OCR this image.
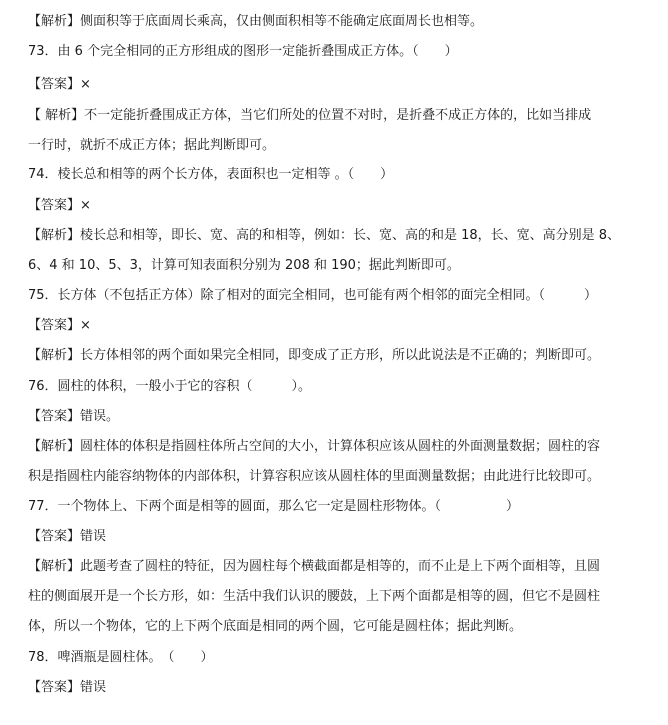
【解析】侧面积等于底面周长乘高，仅由侧面积相等不能确定底面周长也相等。
73．由 6 个完全相同的正方形组成的图形一定能折叠围成正方体。（　　）
【答案】×
【 解析】不一定能折叠围成正方体，当它们所处的位置不对时，是折叠不成正方体的，比如当排成
一行时，就折不成正方体；据此判断即可。
74．棱长总和相等的两个长方体，表面积也一定相等 。（　　）
【答案】×
【解析】棱长总和相等，即长、宽、高的和相等，例如：长、宽、高的和是 18，长、宽、高分别是 8、
6、4 和 10、5、3，计算可知表面积分别为 208 和 190；据此判断即可。
75．长方体（不包括正方体）除了相对的面完全相同，也可能有两个相邻的面完全相同。（　　　）
【答案】×
【解析】长方体相邻的两个面如果完全相同，即变成了正方形，所以此说法是不正确的；判断即可。
76．圆柱的体积，一般小于它的容积（　　　）。
【答案】错误。
【解析】圆柱体的体积是指圆柱体所占空间的大小，计算体积应该从圆柱的外面测量数据；圆柱的容
积是指圆柱内能容纳物体的内部体积，计算容积应该从圆柱体的里面测量数据；由此进行比较即可。
77．一个物体上、下两个面是相等的圆面，那么它一定是圆柱形物体。（　　　　　）
【答案】错误
【解析】此题考查了圆柱的特征，因为圆柱每个横截面都是相等的，而不止是上下两个面相等，且圆
柱的侧面展开是一个长方形，如：生活中我们认识的腰鼓，上下两个面都是相等的圆，但它不是圆柱
体，所以一个物体，它的上下两个底面是相同的两个圆，它可能是圆柱体；据此判断。
78．啤酒瓶是圆柱体。　（　　）
【答案】错误
